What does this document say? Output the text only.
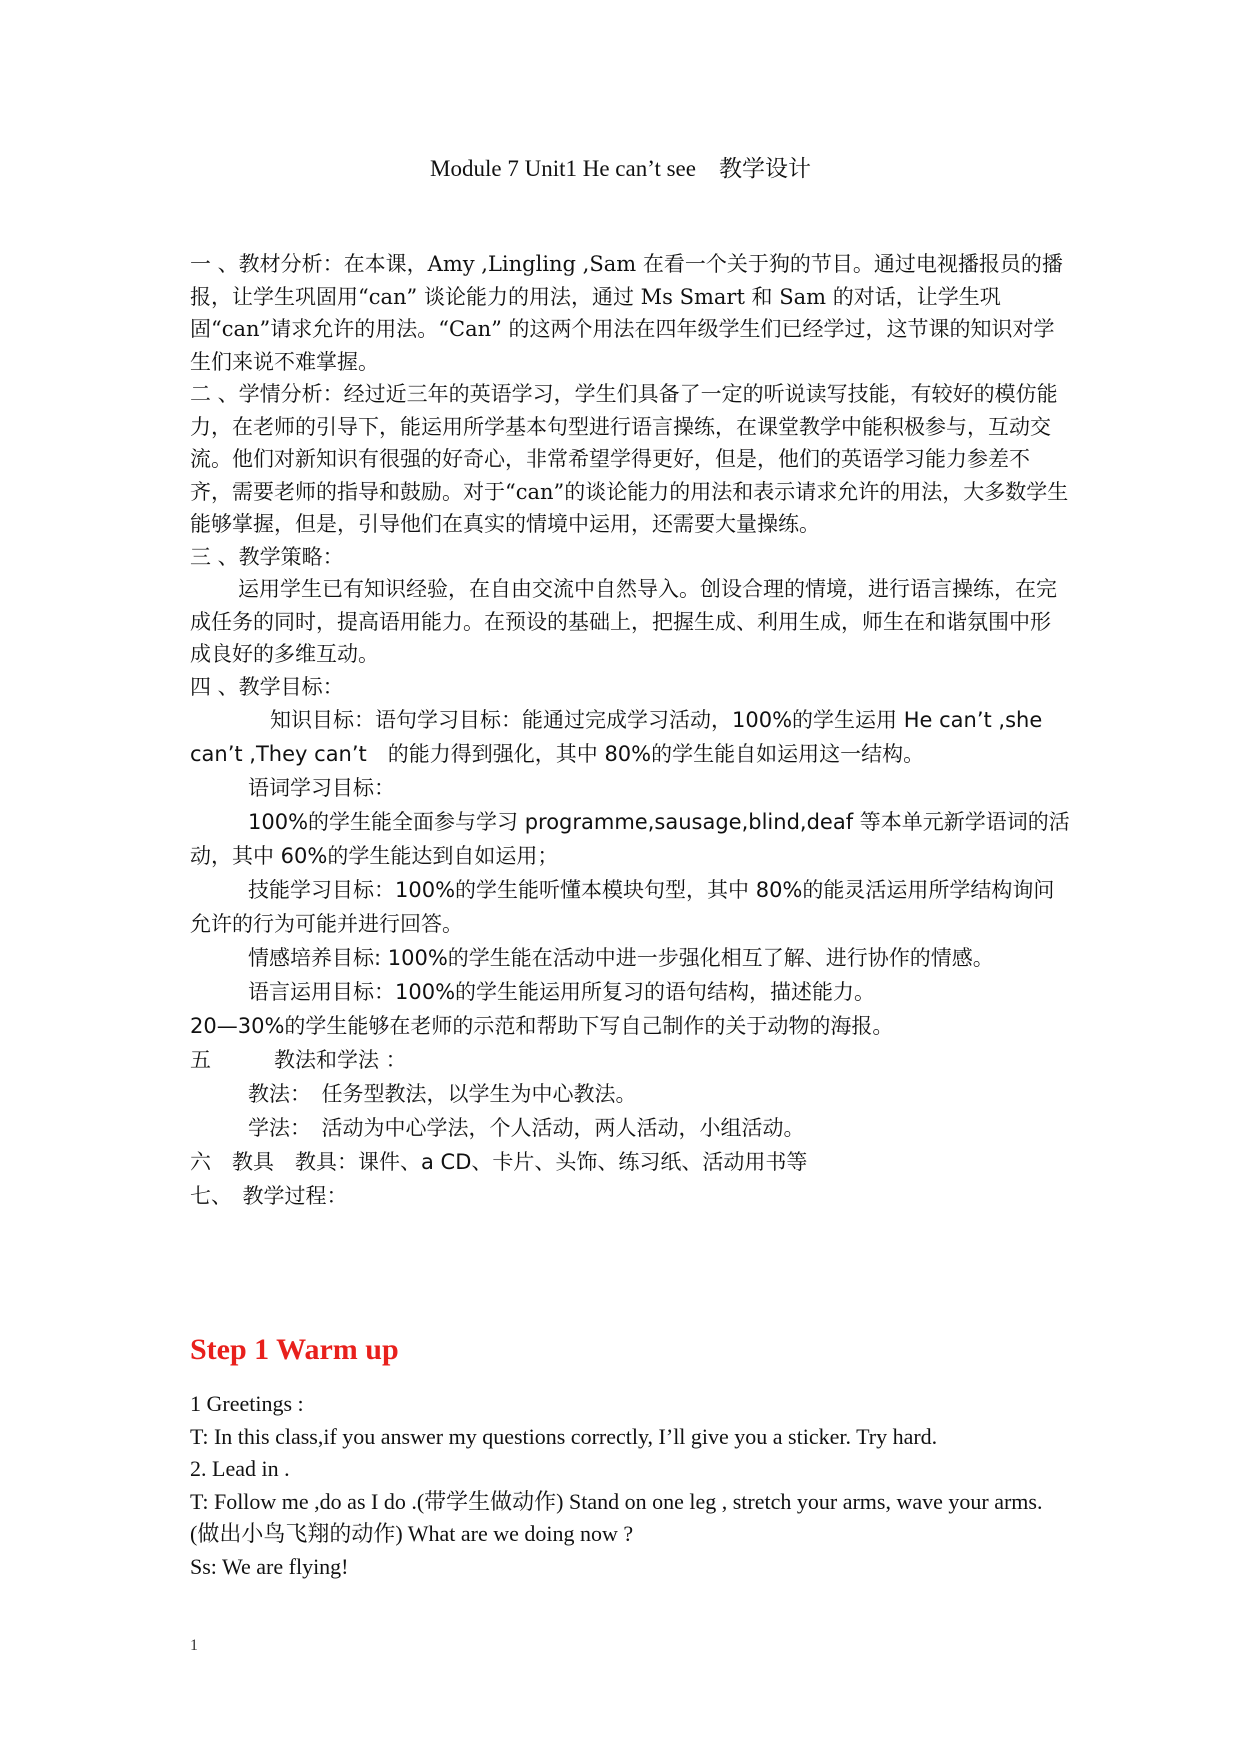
Module 7 Unit1 He can’t see　教学设计

一 、教材分析：在本课，Amy ,Lingling ,Sam 在看一个关于狗的节目。通过电视播报员的播报，让学生巩固用“can” 谈论能力的用法，通过 Ms Smart 和 Sam 的对话，让学生巩固“can”请求允许的用法。“Can” 的这两个用法在四年级学生们已经学过，这节课的知识对学生们来说不难掌握。

二 、学情分析：经过近三年的英语学习，学生们具备了一定的听说读写技能，有较好的模仿能力，在老师的引导下，能运用所学基本句型进行语言操练，在课堂教学中能积极参与，互动交流。他们对新知识有很强的好奇心，非常希望学得更好，但是，他们的英语学习能力参差不齐，需要老师的指导和鼓励。对于“can”的谈论能力的用法和表示请求允许的用法，大多数学生能够掌握，但是，引导他们在真实的情境中运用，还需要大量操练。

三 、教学策略：

运用学生已有知识经验，在自由交流中自然导入。创设合理的情境，进行语言操练，在完成任务的同时，提高语用能力。在预设的基础上，把握生成、利用生成，师生在和谐氛围中形成良好的多维互动。

四 、教学目标：

知识目标：语句学习目标：能通过完成学习活动，100%的学生运用 He can’t ,she can’t ,They can’t　的能力得到强化，其中 80%的学生能自如运用这一结构。

语词学习目标：

100%的学生能全面参与学习 programme,sausage,blind,deaf 等本单元新学语词的活动，其中 60%的学生能达到自如运用；

技能学习目标：100%的学生能听懂本模块句型，其中 80%的能灵活运用所学结构询问允许的行为可能并进行回答。

情感培养目标: 100%的学生能在活动中进一步强化相互了解、进行协作的情感。

语言运用目标：100%的学生能运用所复习的语句结构，描述能力。

20—30%的学生能够在老师的示范和帮助下写自己制作的关于动物的海报。

五　　　教法和学法 ：

教法：　任务型教法，以学生为中心教法。

学法：　活动为中心学法，个人活动，两人活动，小组活动。

六　教具　教具：课件、a CD、卡片、头饰、练习纸、活动用书等

七、　教学过程：

Step 1 Warm up

1 Greetings :

T: In this class,if you answer my questions correctly, I’ll give you a sticker. Try hard.

2. Lead in .

T: Follow me ,do as I do .(带学生做动作) Stand on one leg , stretch your arms, wave your arms.(做出小鸟飞翔的动作) What are we doing now ?

Ss: We are flying!

1
